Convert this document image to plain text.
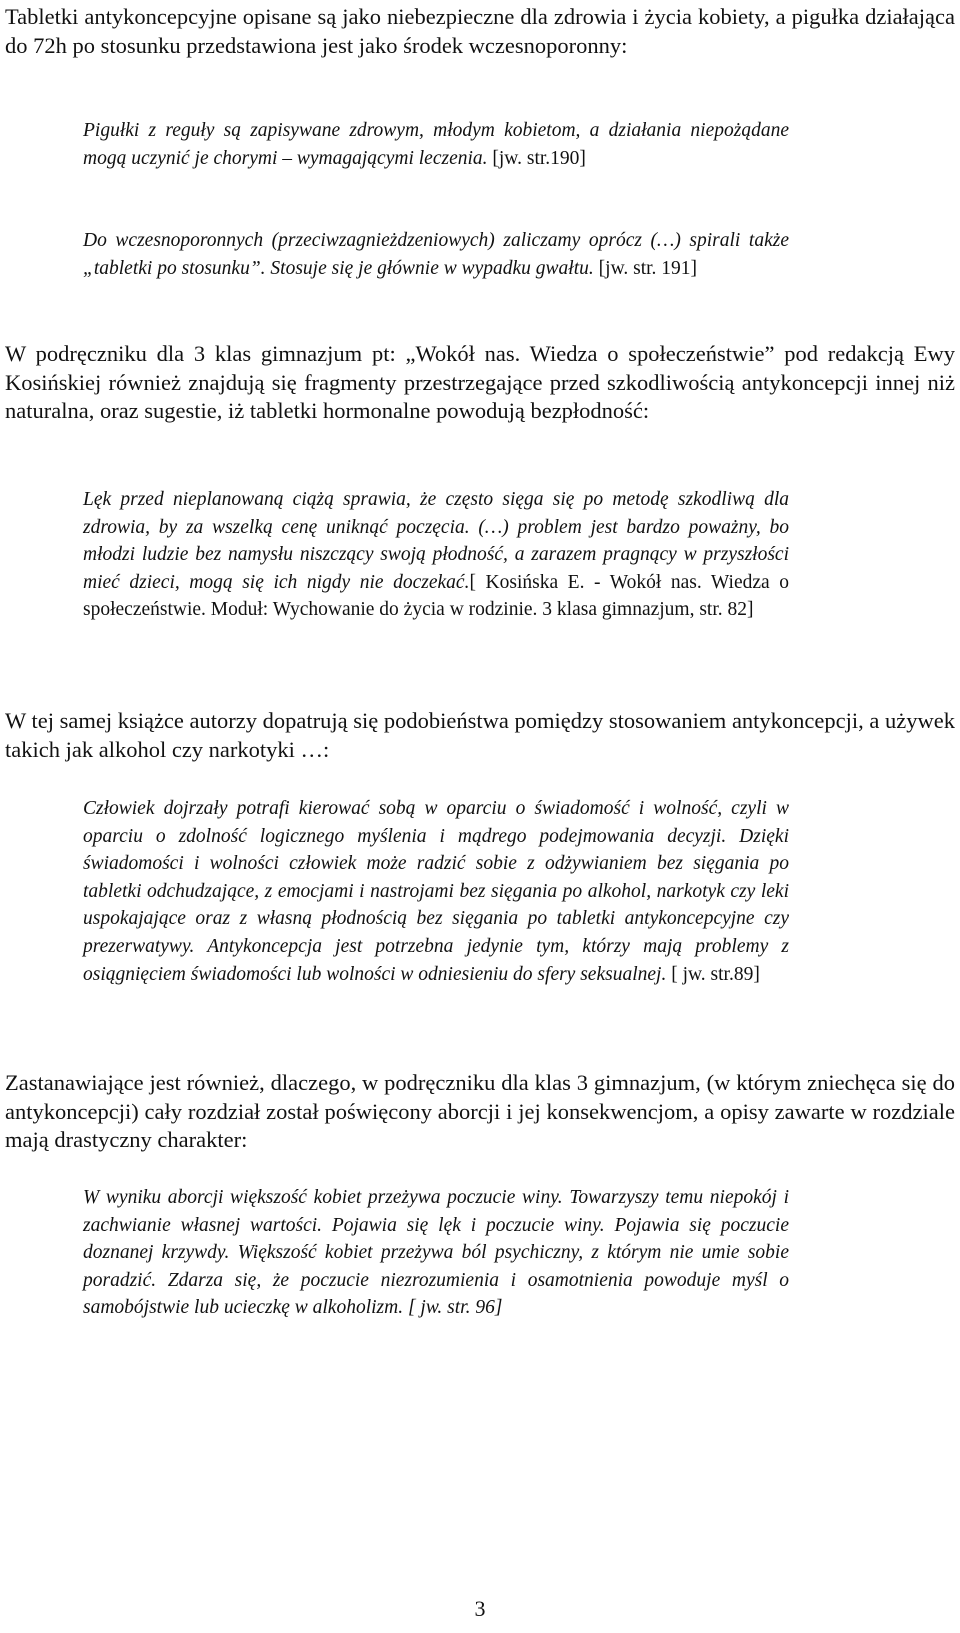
Tabletki antykoncepcyjne opisane są jako niebezpieczne dla zdrowia i życia kobiety, a pigułka działająca do 72h po stosunku przedstawiona jest jako środek wczesnoporonny:

Pigułki z reguły są zapisywane zdrowym, młodym kobietom, a działania niepożądane mogą uczynić je chorymi – wymagającymi leczenia. [jw. str.190]

Do wczesnoporonnych (przeciwzagnieżdzeniowych) zaliczamy oprócz (…) spirali także „tabletki po stosunku”. Stosuje się je głównie w wypadku gwałtu. [jw. str. 191]

W podręczniku dla 3 klas gimnazjum pt: „Wokół nas. Wiedza o społeczeństwie” pod redakcją Ewy Kosińskiej również znajdują się fragmenty przestrzegające przed szkodliwością antykoncepcji innej niż naturalna, oraz sugestie, iż tabletki hormonalne powodują bezpłodność:

Lęk przed nieplanowaną ciążą sprawia, że często sięga się po metodę szkodliwą dla zdrowia, by za wszelką cenę uniknąć poczęcia. (…) problem jest bardzo poważny, bo młodzi ludzie bez namysłu niszczący swoją płodność, a zarazem pragnący w przyszłości mieć dzieci, mogą się ich nigdy nie doczekać.[ Kosińska E. - Wokół nas. Wiedza o społeczeństwie. Moduł: Wychowanie do życia w rodzinie. 3 klasa gimnazjum, str. 82]

W tej samej książce autorzy dopatrują się podobieństwa pomiędzy stosowaniem antykoncepcji, a używek takich jak alkohol czy narkotyki …:

Człowiek dojrzały potrafi kierować sobą w oparciu o świadomość i wolność, czyli w oparciu o zdolność logicznego myślenia i mądrego podejmowania decyzji. Dzięki świadomości i wolności człowiek może radzić sobie z odżywianiem bez sięgania po tabletki odchudzające, z emocjami i nastrojami bez sięgania po alkohol, narkotyk czy leki uspokajające oraz z własną płodnością bez sięgania po tabletki antykoncepcyjne czy prezerwatywy. Antykoncepcja jest potrzebna jedynie tym, którzy mają problemy z osiągnięciem świadomości lub wolności w odniesieniu do sfery seksualnej. [ jw. str.89]

Zastanawiające jest również, dlaczego, w podręczniku dla klas 3 gimnazjum, (w którym zniechęca się do antykoncepcji) cały rozdział został poświęcony aborcji i jej konsekwencjom, a opisy zawarte w rozdziale mają drastyczny charakter:

W wyniku aborcji większość kobiet przeżywa poczucie winy. Towarzyszy temu niepokój i zachwianie własnej wartości. Pojawia się lęk i poczucie winy. Pojawia się poczucie doznanej krzywdy. Większość kobiet przeżywa ból psychiczny, z którym nie umie sobie poradzić. Zdarza się, że poczucie niezrozumienia i osamotnienia powoduje myśl o samobójstwie lub ucieczkę w alkoholizm. [ jw. str. 96]

3
